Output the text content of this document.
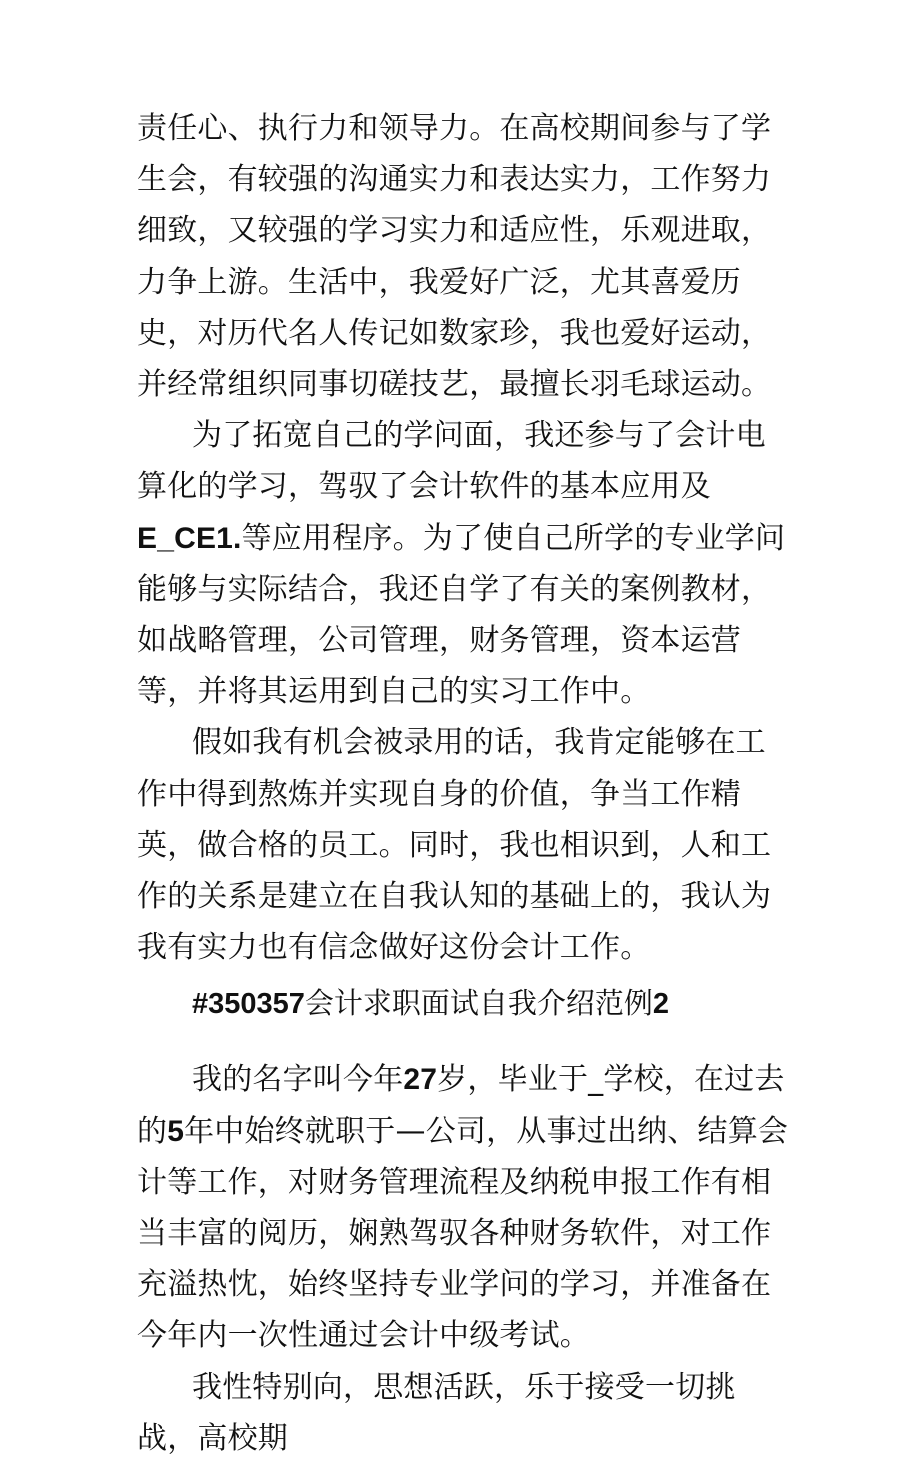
责任心、执行力和领导力。在高校期间参与了学生会，有较强的沟通实力和表达实力，工作努力细致，又较强的学习实力和适应性，乐观进取，力争上游。生活中，我爱好广泛，尤其喜爱历史，对历代名人传记如数家珍，我也爱好运动，并经常组织同事切磋技艺，最擅长羽毛球运动。

为了拓宽自己的学问面，我还参与了会计电算化的学习，驾驭了会计软件的基本应用及E_CE1.等应用程序。为了使自己所学的专业学问能够与实际结合，我还自学了有关的案例教材，如战略管理，公司管理，财务管理，资本运营等，并将其运用到自己的实习工作中。

假如我有机会被录用的话，我肯定能够在工作中得到熬炼并实现自身的价值，争当工作精英，做合格的员工。同时，我也相识到，人和工作的关系是建立在自我认知的基础上的，我认为我有实力也有信念做好这份会计工作。

#350357会计求职面试自我介绍范例2

我的名字叫今年27岁，毕业于_学校，在过去的5年中始终就职于—公司，从事过出纳、结算会计等工作，对财务管理流程及纳税申报工作有相当丰富的阅历，娴熟驾驭各种财务软件，对工作充溢热忱，始终坚持专业学问的学习，并准备在今年内一次性通过会计中级考试。

我性特别向，思想活跃，乐于接受一切挑战，高校期
